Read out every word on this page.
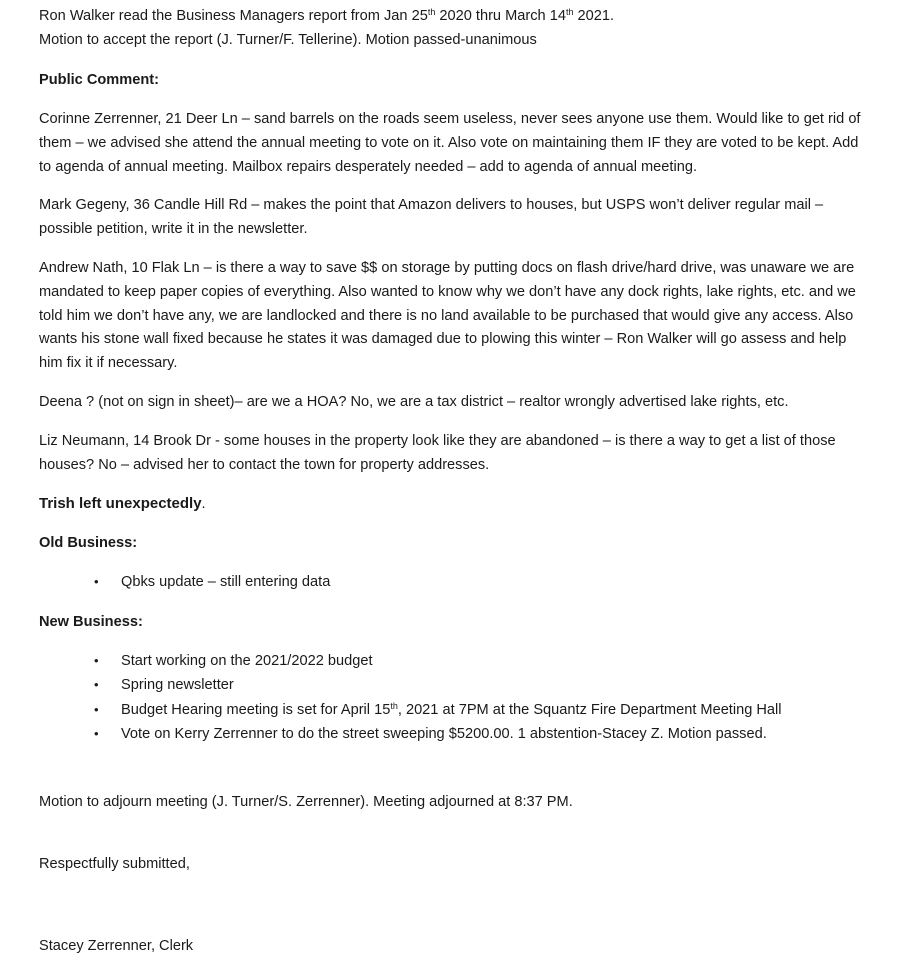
Ron Walker read the Business Managers report from Jan 25th 2020 thru March 14th 2021.
Motion to accept the report (J. Turner/F. Tellerine). Motion passed-unanimous
Public Comment:

Corinne Zerrenner, 21 Deer Ln – sand barrels on the roads seem useless, never sees anyone use them. Would like to get rid of them – we advised she attend the annual meeting to vote on it. Also vote on maintaining them IF they are voted to be kept. Add to agenda of annual meeting. Mailbox repairs desperately needed – add to agenda of annual meeting.

Mark Gegeny, 36 Candle Hill Rd – makes the point that Amazon delivers to houses, but USPS won’t deliver regular mail – possible petition, write it in the newsletter.

Andrew Nath, 10 Flak Ln – is there a way to save $$ on storage by putting docs on flash drive/hard drive, was unaware we are mandated to keep paper copies of everything. Also wanted to know why we don’t have any dock rights, lake rights, etc. and we told him we don’t have any, we are landlocked and there is no land available to be purchased that would give any access. Also wants his stone wall fixed because he states it was damaged due to plowing this winter – Ron Walker will go assess and help him fix it if necessary.

Deena ? (not on sign in sheet)– are we a HOA? No, we are a tax district – realtor wrongly advertised lake rights, etc.

Liz Neumann, 14 Brook Dr - some houses in the property look like they are abandoned – is there a way to get a list of those houses? No – advised her to contact the town for property addresses.

Trish left unexpectedly.
Old Business:
• Qbks update – still entering data
New Business:
• Start working on the 2021/2022 budget
• Spring newsletter
• Budget Hearing meeting is set for April 15th, 2021 at 7PM at the Squantz Fire Department Meeting Hall
• Vote on Kerry Zerrenner to do the street sweeping $5200.00. 1 abstention-Stacey Z. Motion passed.
Motion to adjourn meeting (J. Turner/S. Zerrenner). Meeting adjourned at 8:37 PM.
Respectfully submitted,
Stacey Zerrenner, Clerk
